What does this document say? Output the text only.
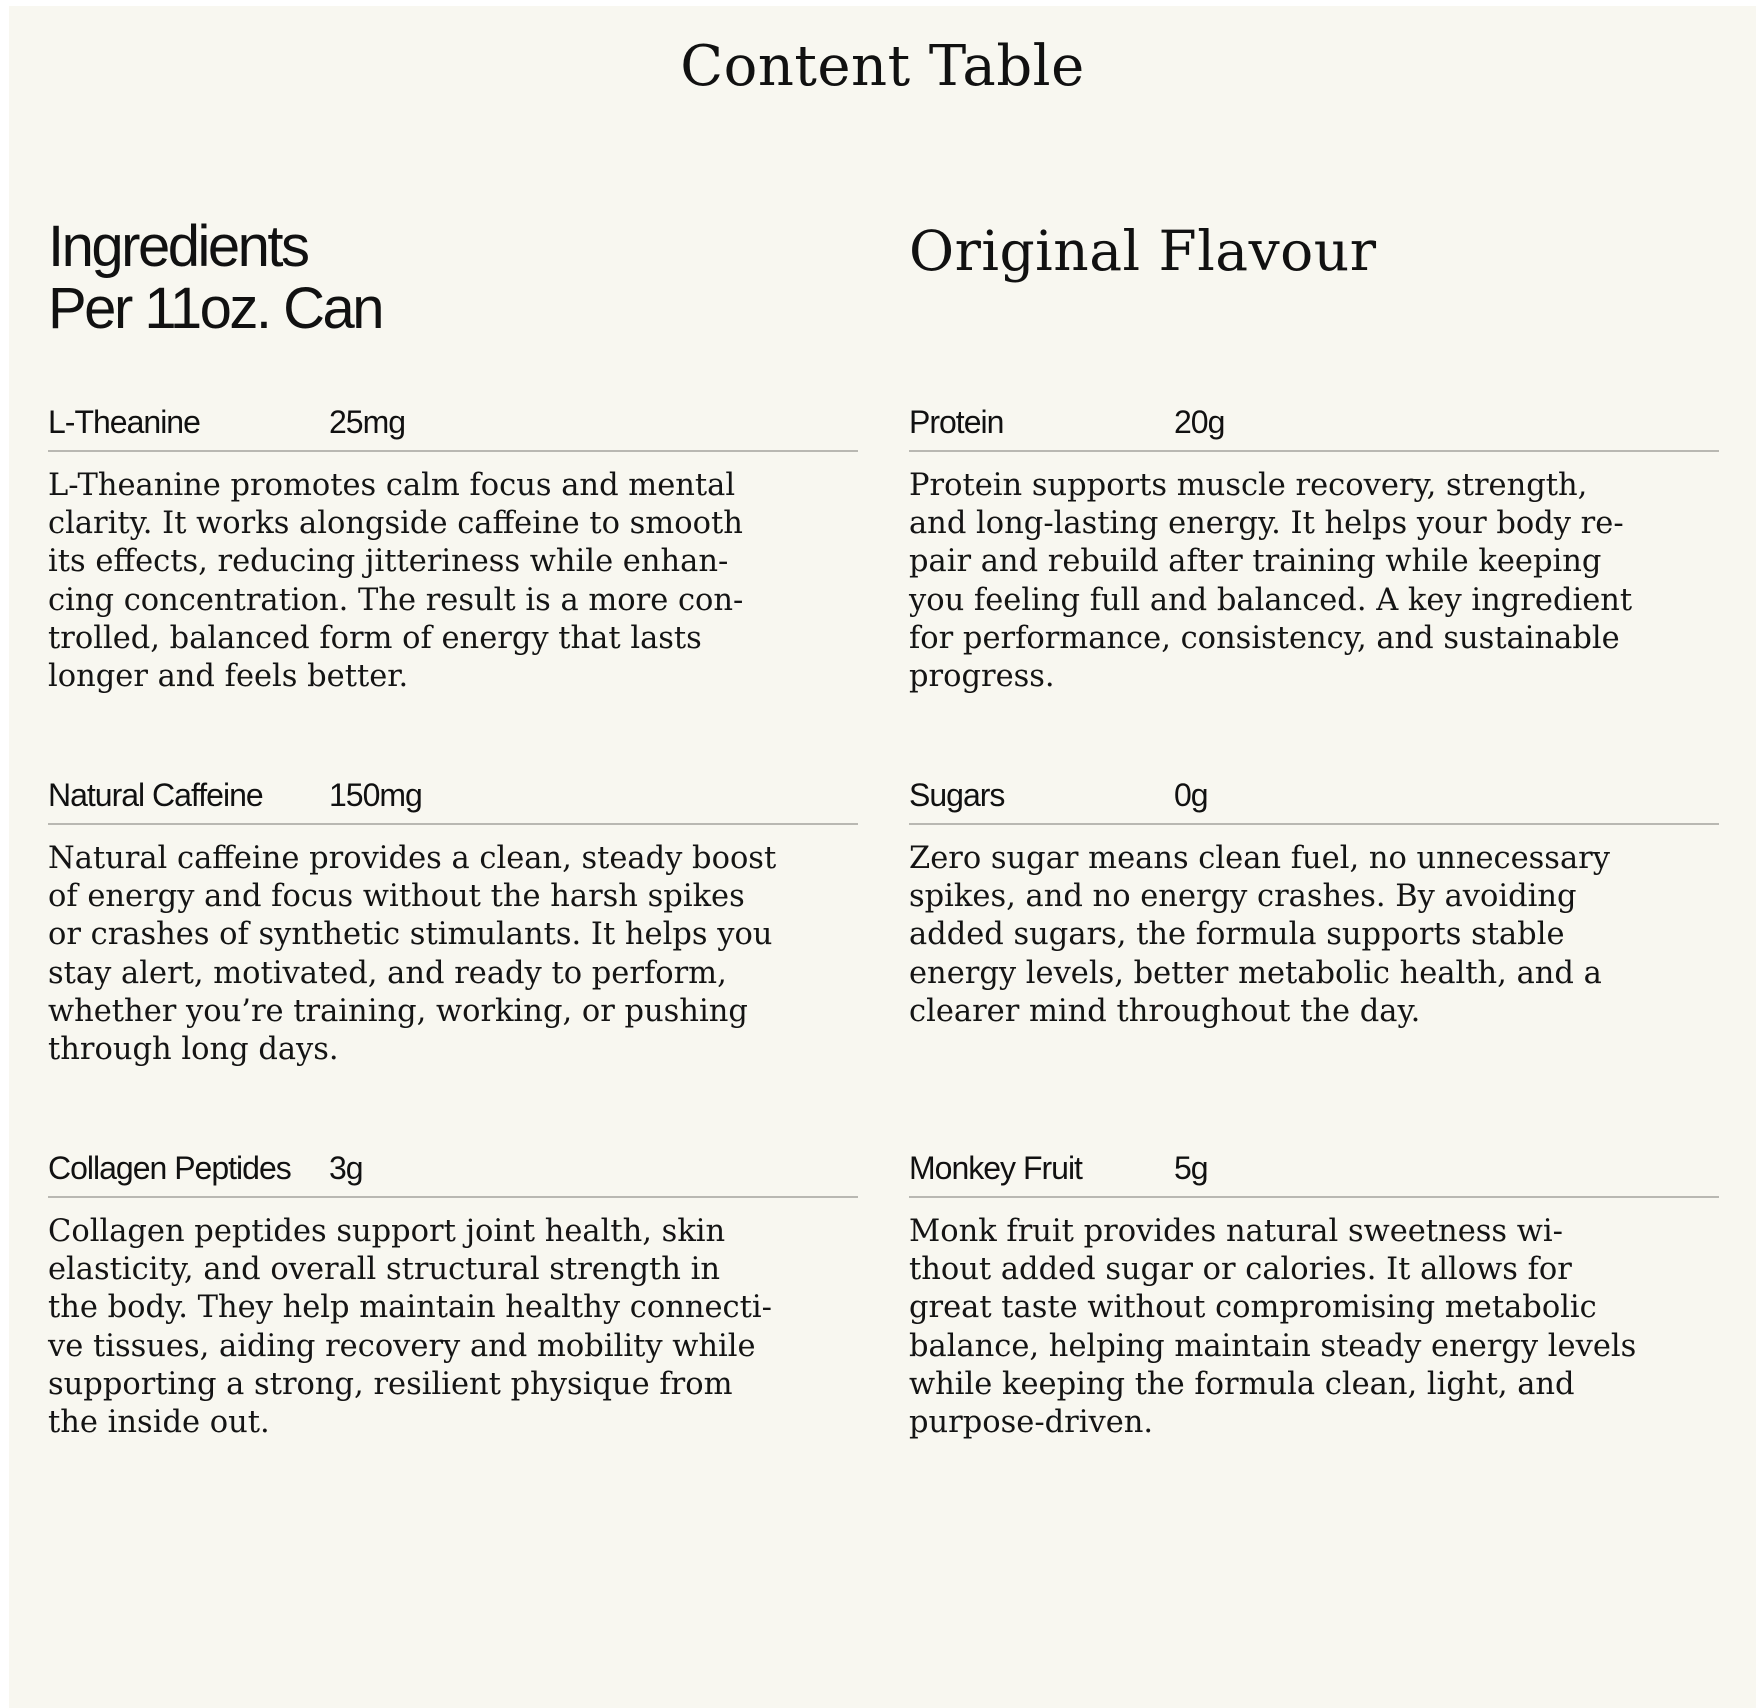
Content Table
Ingredients
Per 11oz. Can
L-Theanine	25mg

L-Theanine promotes calm focus and mental
clarity. It works alongside caffeine to smooth
its effects, reducing jitteriness while enhan-
cing concentration. The result is a more con-
trolled, balanced form of energy that lasts
longer and feels better.

Natural Caffeine 150mg

Natural caffeine provides a clean, steady boost
of energy and focus without the harsh spikes
or crashes of synthetic stimulants. It helps you
stay alert, motivated, and ready to perform,
whether you’re training, working, or pushing
through long days.

Collagen Peptides 3g

Collagen peptides support joint health, skin
elasticity, and overall structural strength in
the body. They help maintain healthy connecti-
ve tissues, aiding recovery and mobility while
supporting a strong, resilient physique from
the inside out.

Original Flavour
Protein	20g

Protein supports muscle recovery, strength,
and long-lasting energy. It helps your body re-
pair and rebuild after training while keeping
you feeling full and balanced. A key ingredient
for performance, consistency, and sustainable
progress.

Sugars	0g

Zero sugar means clean fuel, no unnecessary
spikes, and no energy crashes. By avoiding
added sugars, the formula supports stable
energy levels, better metabolic health, and a
clearer mind throughout the day.

Monkey Fruit	5g

Monk fruit provides natural sweetness wi-
thout added sugar or calories. It allows for
great taste without compromising metabolic
balance, helping maintain steady energy levels
while keeping the formula clean, light, and
purpose-driven.
